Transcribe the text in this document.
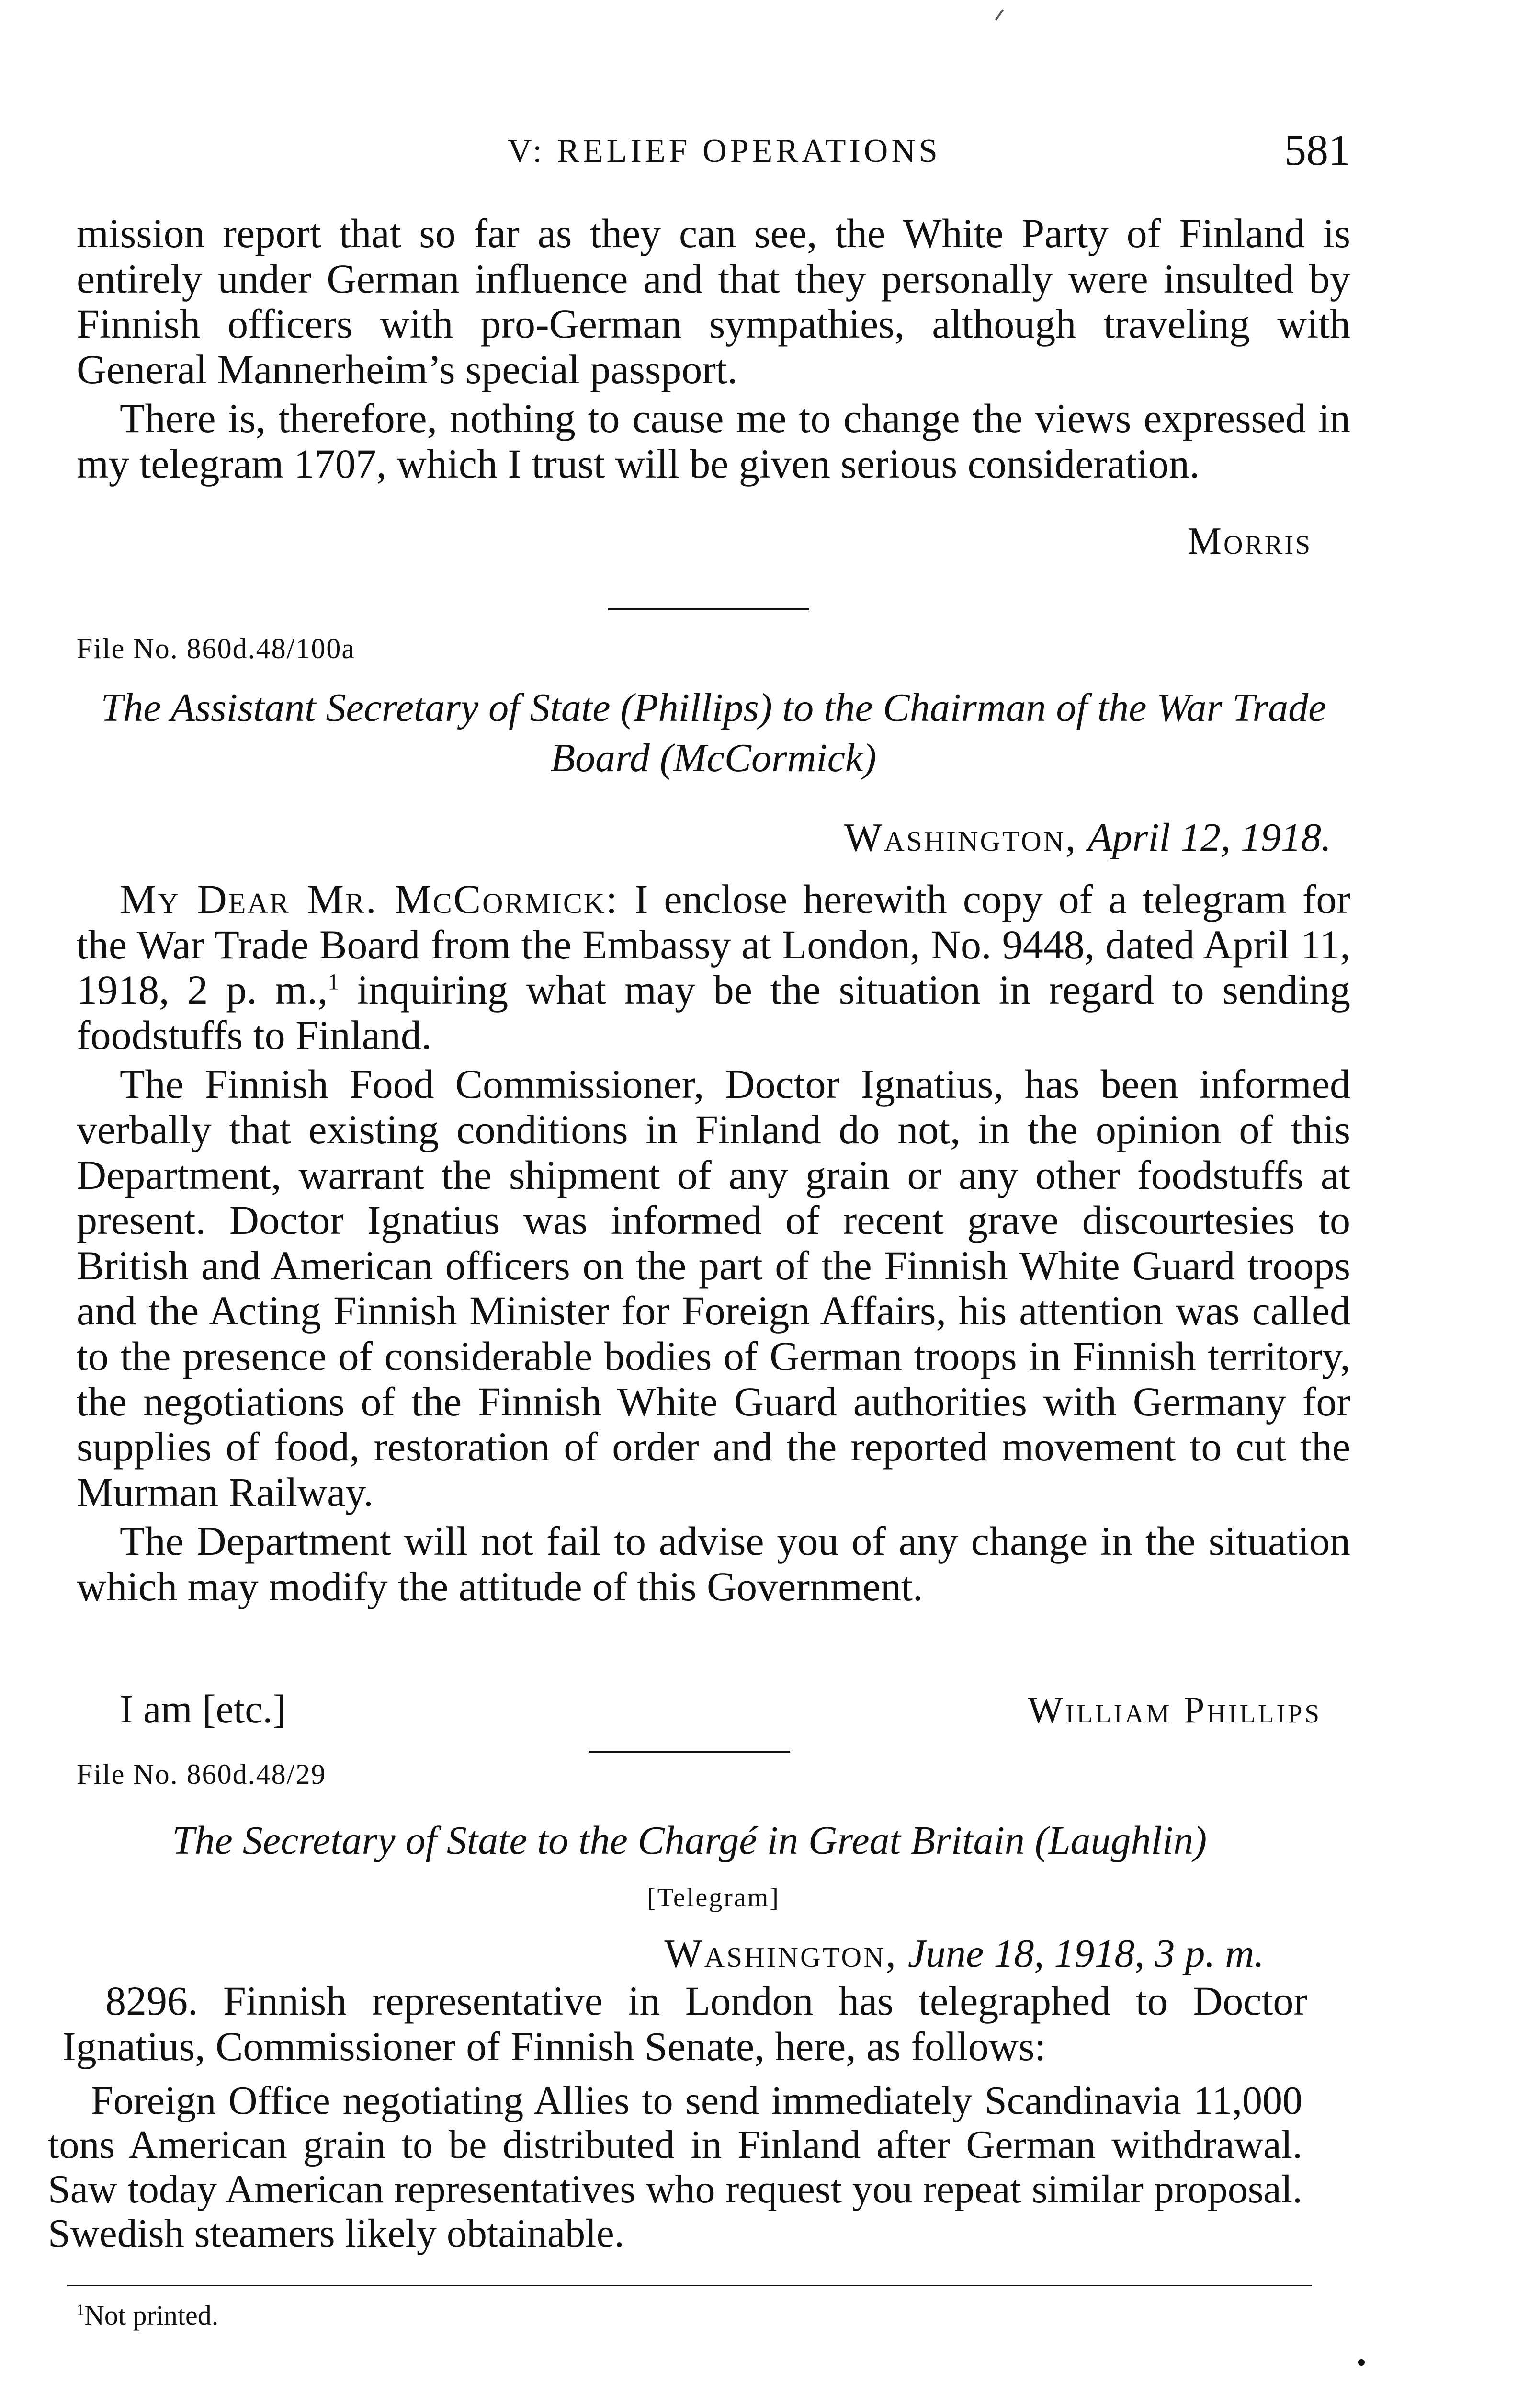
V: RELIEF OPERATIONS	581

mission report that so far as they can see, the White Party of Finland is entirely under German influence and that they personally were insulted by Finnish officers with pro-German sympathies, although traveling with General Mannerheim’s special passport.

There is, therefore, nothing to cause me to change the views expressed in my telegram 1707, which I trust will be given serious consideration.

Morris
File No. 860d.48/100a
The Assistant Secretary of State (Phillips) to the Chairman of the War Trade Board (McCormick)
Washington, April 12, 1918.

My Dear Mr. McCormick: I enclose herewith copy of a telegram for the War Trade Board from the Embassy at London, No. 9448, dated April 11, 1918, 2 p. m.,$^1$ inquiring what may be the situation in regard to sending foodstuffs to Finland.

The Finnish Food Commissioner, Doctor Ignatius, has been informed verbally that existing conditions in Finland do not, in the opinion of this Department, warrant the shipment of any grain or any other foodstuffs at present. Doctor Ignatius was informed of recent grave discourtesies to British and American officers on the part of the Finnish White Guard troops and the Acting Finnish Minister for Foreign Affairs, his attention was called to the presence of considerable bodies of German troops in Finnish territory, the negotiations of the Finnish White Guard authorities with Germany for supplies of food, restoration of order and the reported movement to cut the Murman Railway.

The Department will not fail to advise you of any change in the situation which may modify the attitude of this Government.

I am [etc.]	William Phillips
File No. 860d.48/29
The Secretary of State to the Chargé in Great Britain (Laughlin)
[Telegram]
Washington, June 18, 1918, 3 p. m.

8296. Finnish representative in London has telegraphed to Doctor Ignatius, Commissioner of Finnish Senate, here, as follows:

Foreign Office negotiating Allies to send immediately Scandinavia 11,000 tons American grain to be distributed in Finland after German withdrawal. Saw today American representatives who request you repeat similar proposal. Swedish steamers likely obtainable.

$^1$Not printed.
